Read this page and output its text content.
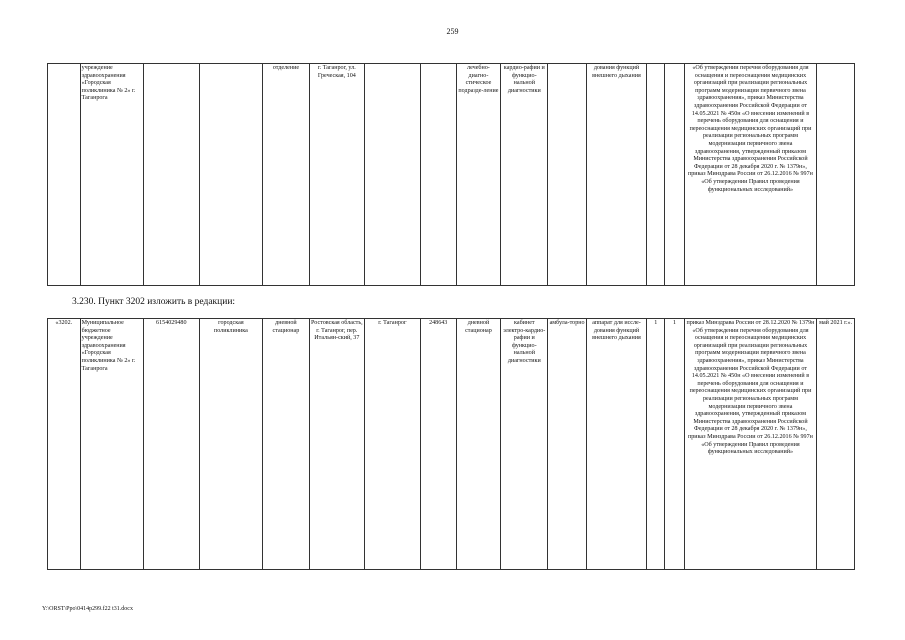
259
	учреждение здравоохранения «Городская поликлиника № 2» г. Таганрога			отделение	г. Таганрог, ул. Греческая, 104			лечебно-диагно-стическое подразде-ление	кардио-рафии и функцио-нальной диагностики		дования функций внешнего дыхания			«Об утверждении перечня оборудования для оснащения и переоснащения медицинских организаций при реализации региональных программ модернизации первичного звена здравоохранения», приказ Министерства здравоохранения Российской Федерации от 14.05.2021 № 450н «О внесении изменений в перечень оборудования для оснащения и переоснащения медицинских организаций при реализации региональных программ модернизации первичного звена здравоохранения, утвержденный приказом Министерства здравоохранения Российской Федерации от 28 декабря 2020 г. № 1379н», приказ Минздрава России от 26.12.2016 № 997н «Об утверждении Правил проведения функциональных исследований»	
3.230. Пункт 3202 изложить в редакции:
«3202.	Муниципальное бюджетное учреждение здравоохранения «Городская поликлиника № 2» г. Таганрога	6154029480	городская поликлиника	дневной стационар	Ростовская область, г. Таганрог, пер. Итальян-ский, 37	г. Таганрог	248643	дневной стационар	кабинет электро-кардио-рафии и функцио-нальной диагностики	амбула-торно	аппарат для иссле-дования функций внешнего дыхания	1	1	приказ Минздрава России от 28.12.2020 № 1379н «Об утверждении перечня оборудования для оснащения и переоснащения медицинских организаций при реализации региональных программ модернизации первичного звена здравоохранения», приказ Министерства здравоохранения Российской Федерации от 14.05.2021 № 450н «О внесении изменений в перечень оборудования для оснащения и переоснащения медицинских организаций при реализации региональных программ модернизации первичного звена здравоохранения, утвержденный приказом Министерства здравоохранения Российской Федерации от 28 декабря 2020 г. № 1379н», приказ Минздрава России от 26.12.2016 № 997н «Об утверждении Правил проведения функциональных исследований»	май 2021 г.».
Y:\ORST\Ppo\0414p299.f22 t31.docx
